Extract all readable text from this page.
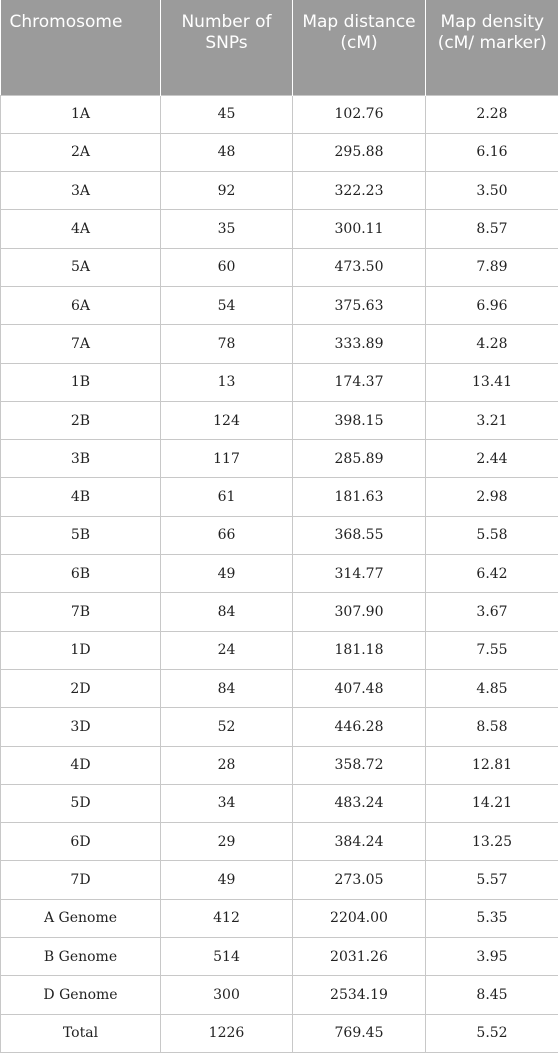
Chromosome	Number of SNPs	Map distance (cM)	Map density (cM/ marker)
1A	45	102.76	2.28
2A	48	295.88	6.16
3A	92	322.23	3.50
4A	35	300.11	8.57
5A	60	473.50	7.89
6A	54	375.63	6.96
7A	78	333.89	4.28
1B	13	174.37	13.41
2B	124	398.15	3.21
3B	117	285.89	2.44
4B	61	181.63	2.98
5B	66	368.55	5.58
6B	49	314.77	6.42
7B	84	307.90	3.67
1D	24	181.18	7.55
2D	84	407.48	4.85
3D	52	446.28	8.58
4D	28	358.72	12.81
5D	34	483.24	14.21
6D	29	384.24	13.25
7D	49	273.05	5.57
A Genome	412	2204.00	5.35
B Genome	514	2031.26	3.95
D Genome	300	2534.19	8.45
Total	1226	769.45	5.52
